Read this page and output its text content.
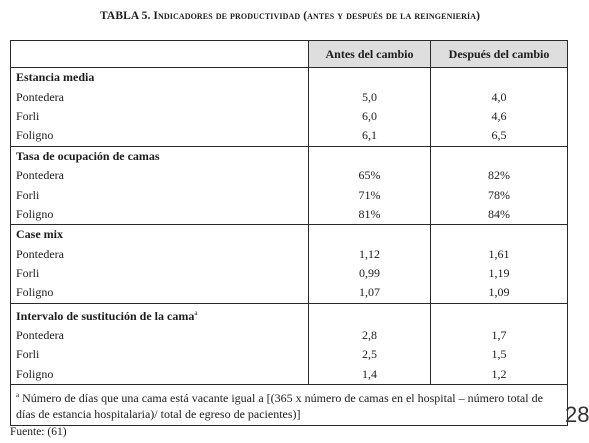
TABLA 5. Indicadores de productividad (antes y después de la reingeniería)
	Antes del cambio	Después del cambio
Estancia media		
Pontedera	5,0	4,0
Forli	6,0	4,6
Foligno	6,1	6,5
Tasa de ocupación de camas		
Pontedera	65%	82%
Forli	71%	78%
Foligno	81%	84%
Case mix		
Pontedera	1,12	1,61
Forli	0,99	1,19
Foligno	1,07	1,09
Intervalo de sustitución de la cama$^a$		
Pontedera	2,8	1,7
Forli	2,5	1,5
Foligno	1,4	1,2
$^a$ Número de días que una cama está vacante igual a [(365 x número de camas en el hospital – número total de días de estancia hospitalaria)/ total de egreso de pacientes)]			28
Fuente: (61)
